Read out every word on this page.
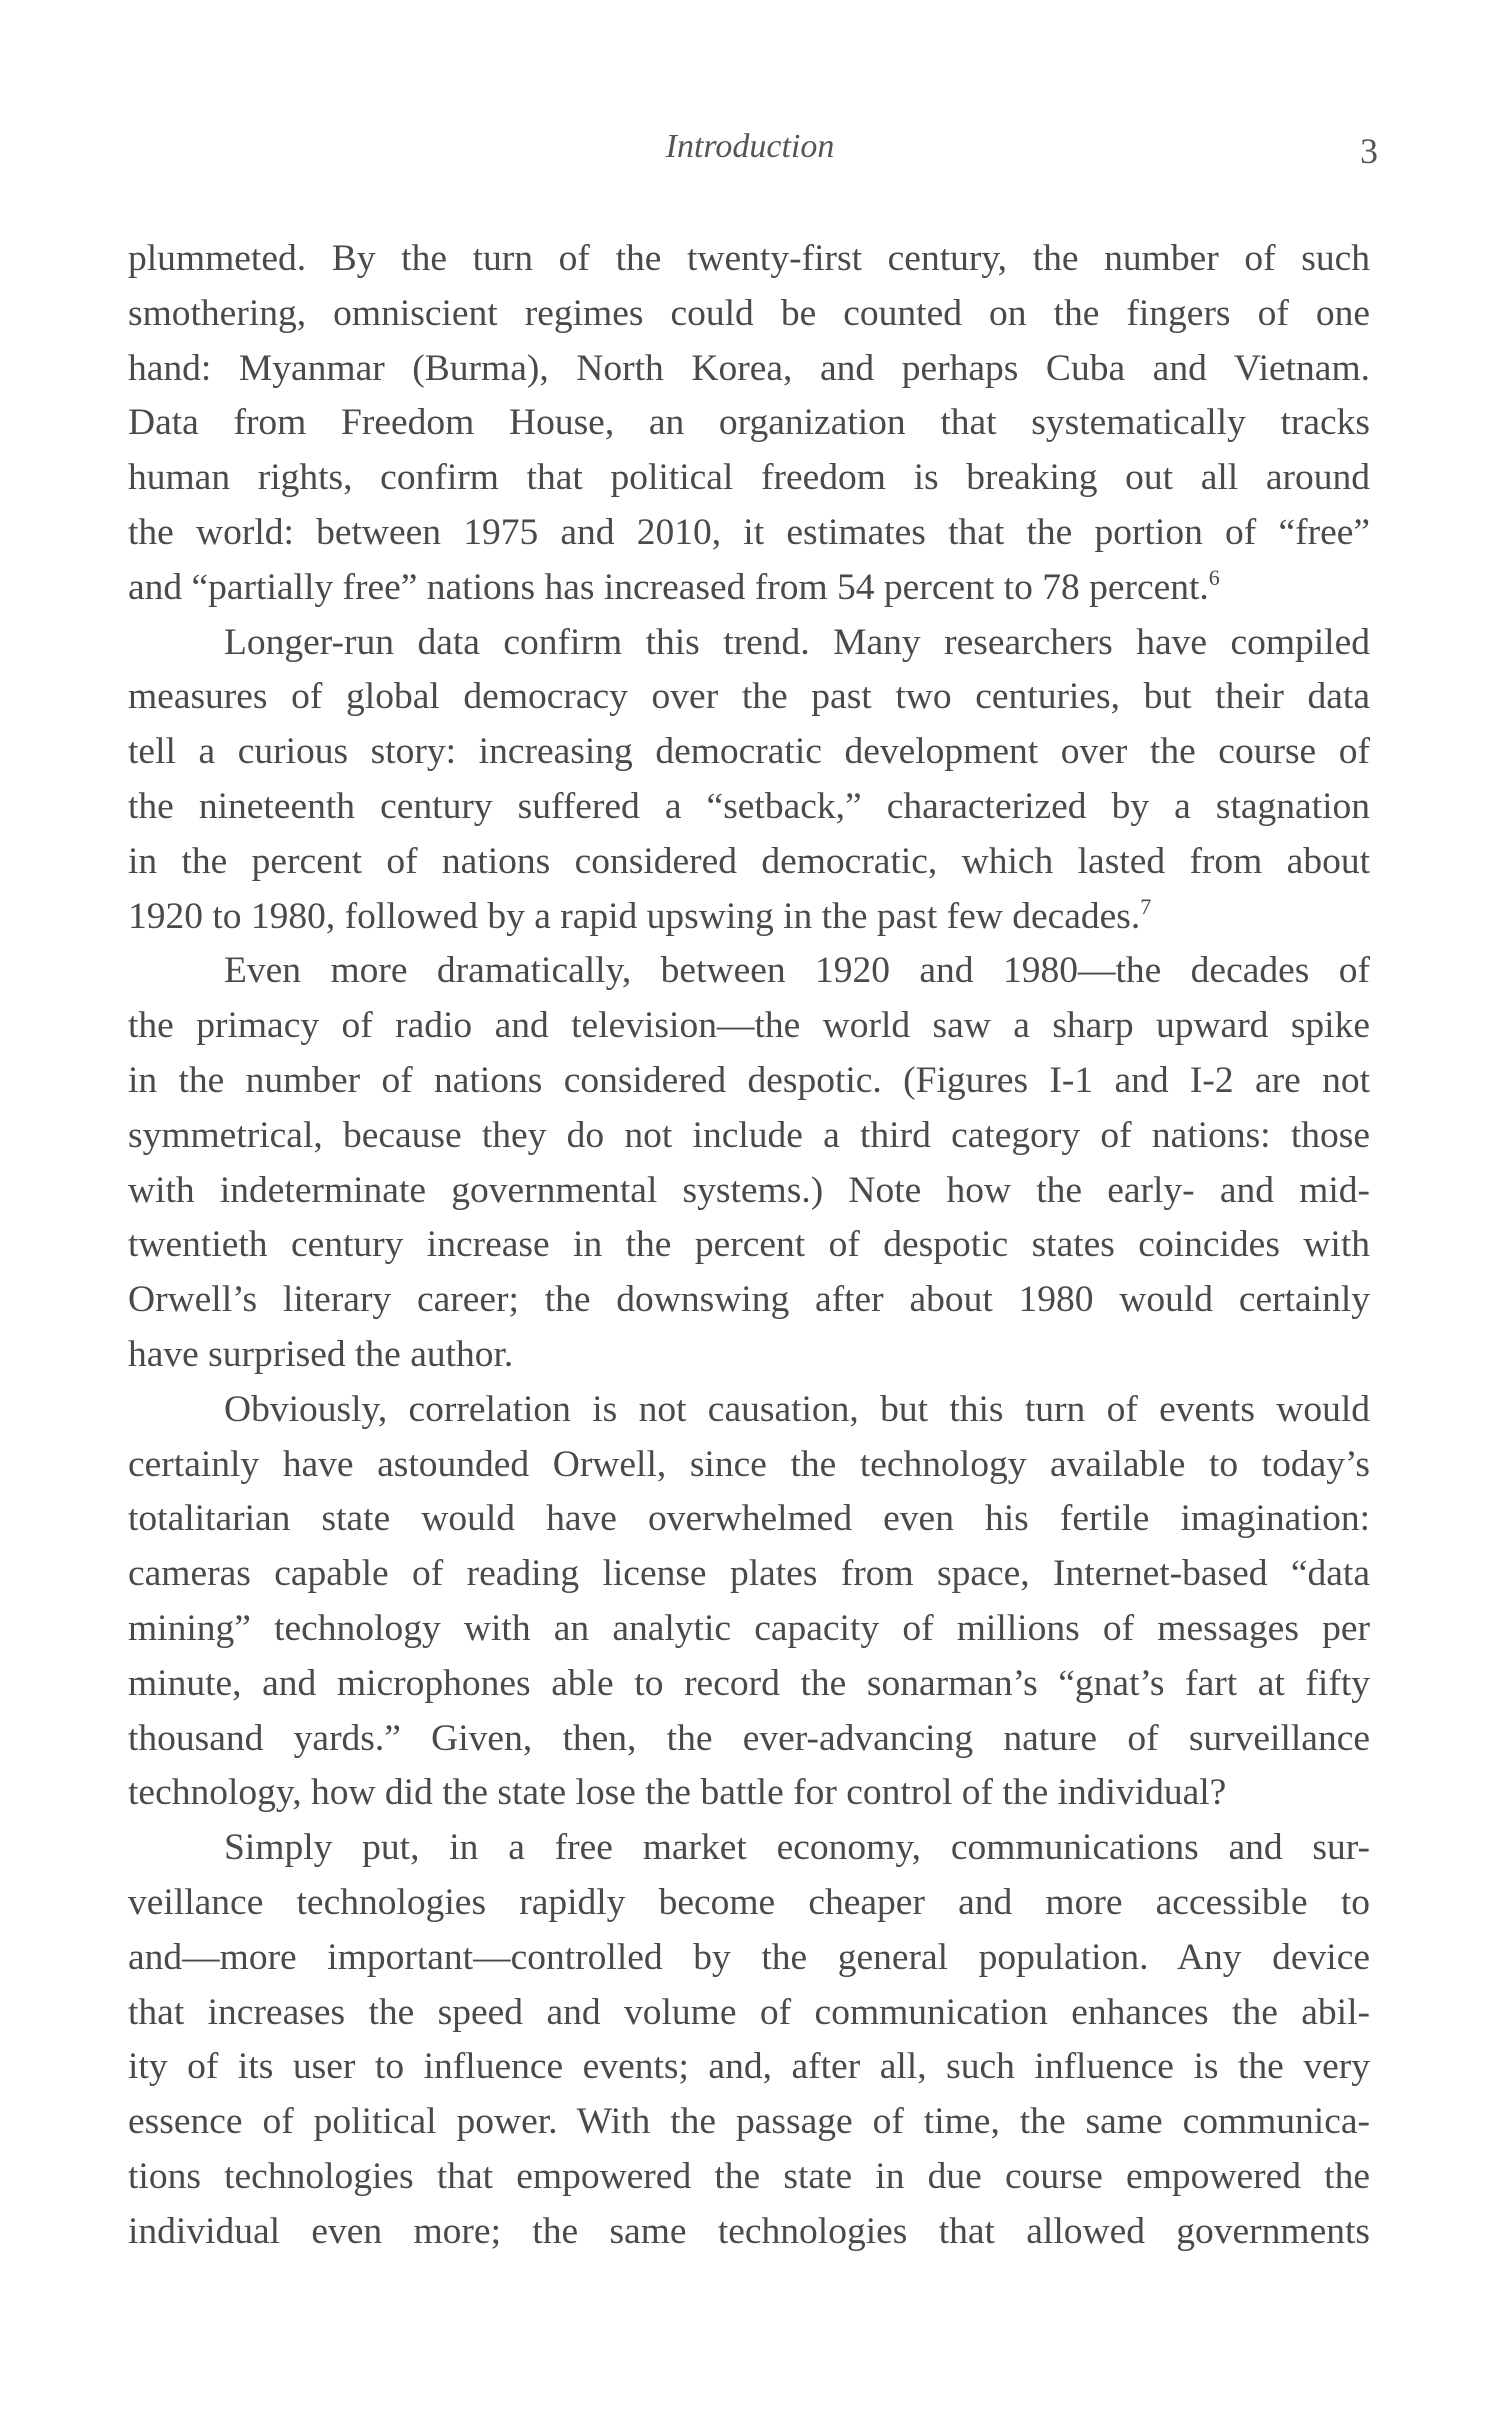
Introduction	3
plummeted. By the turn of the twenty-first century, the number of such
smothering, omniscient regimes could be counted on the fingers of one
hand: Myanmar (Burma), North Korea, and perhaps Cuba and Vietnam.
Data from Freedom House, an organization that systematically tracks
human rights, confirm that political freedom is breaking out all around
the world: between 1975 and 2010, it estimates that the portion of “free”
and “partially free” nations has increased from 54 percent to 78 percent.$^6$
Longer-run data confirm this trend. Many researchers have compiled
measures of global democracy over the past two centuries, but their data
tell a curious story: increasing democratic development over the course of
the nineteenth century suffered a “setback,” characterized by a stagnation
in the percent of nations considered democratic, which lasted from about
1920 to 1980, followed by a rapid upswing in the past few decades.$^7$
Even more dramatically, between 1920 and 1980—the decades of
the primacy of radio and television—the world saw a sharp upward spike
in the number of nations considered despotic. (Figures I-1 and I-2 are not
symmetrical, because they do not include a third category of nations: those
with indeterminate governmental systems.) Note how the early- and mid-
twentieth century increase in the percent of despotic states coincides with
Orwell’s literary career; the downswing after about 1980 would certainly
have surprised the author.
Obviously, correlation is not causation, but this turn of events would
certainly have astounded Orwell, since the technology available to today’s
totalitarian state would have overwhelmed even his fertile imagination:
cameras capable of reading license plates from space, Internet-based “data
mining” technology with an analytic capacity of millions of messages per
minute, and microphones able to record the sonarman’s “gnat’s fart at fifty
thousand yards.” Given, then, the ever-advancing nature of surveillance
technology, how did the state lose the battle for control of the individual?
Simply put, in a free market economy, communications and sur-
veillance technologies rapidly become cheaper and more accessible to
and—more important—controlled by the general population. Any device
that increases the speed and volume of communication enhances the abil-
ity of its user to influence events; and, after all, such influence is the very
essence of political power. With the passage of time, the same communica-
tions technologies that empowered the state in due course empowered the
individual even more; the same technologies that allowed governments
